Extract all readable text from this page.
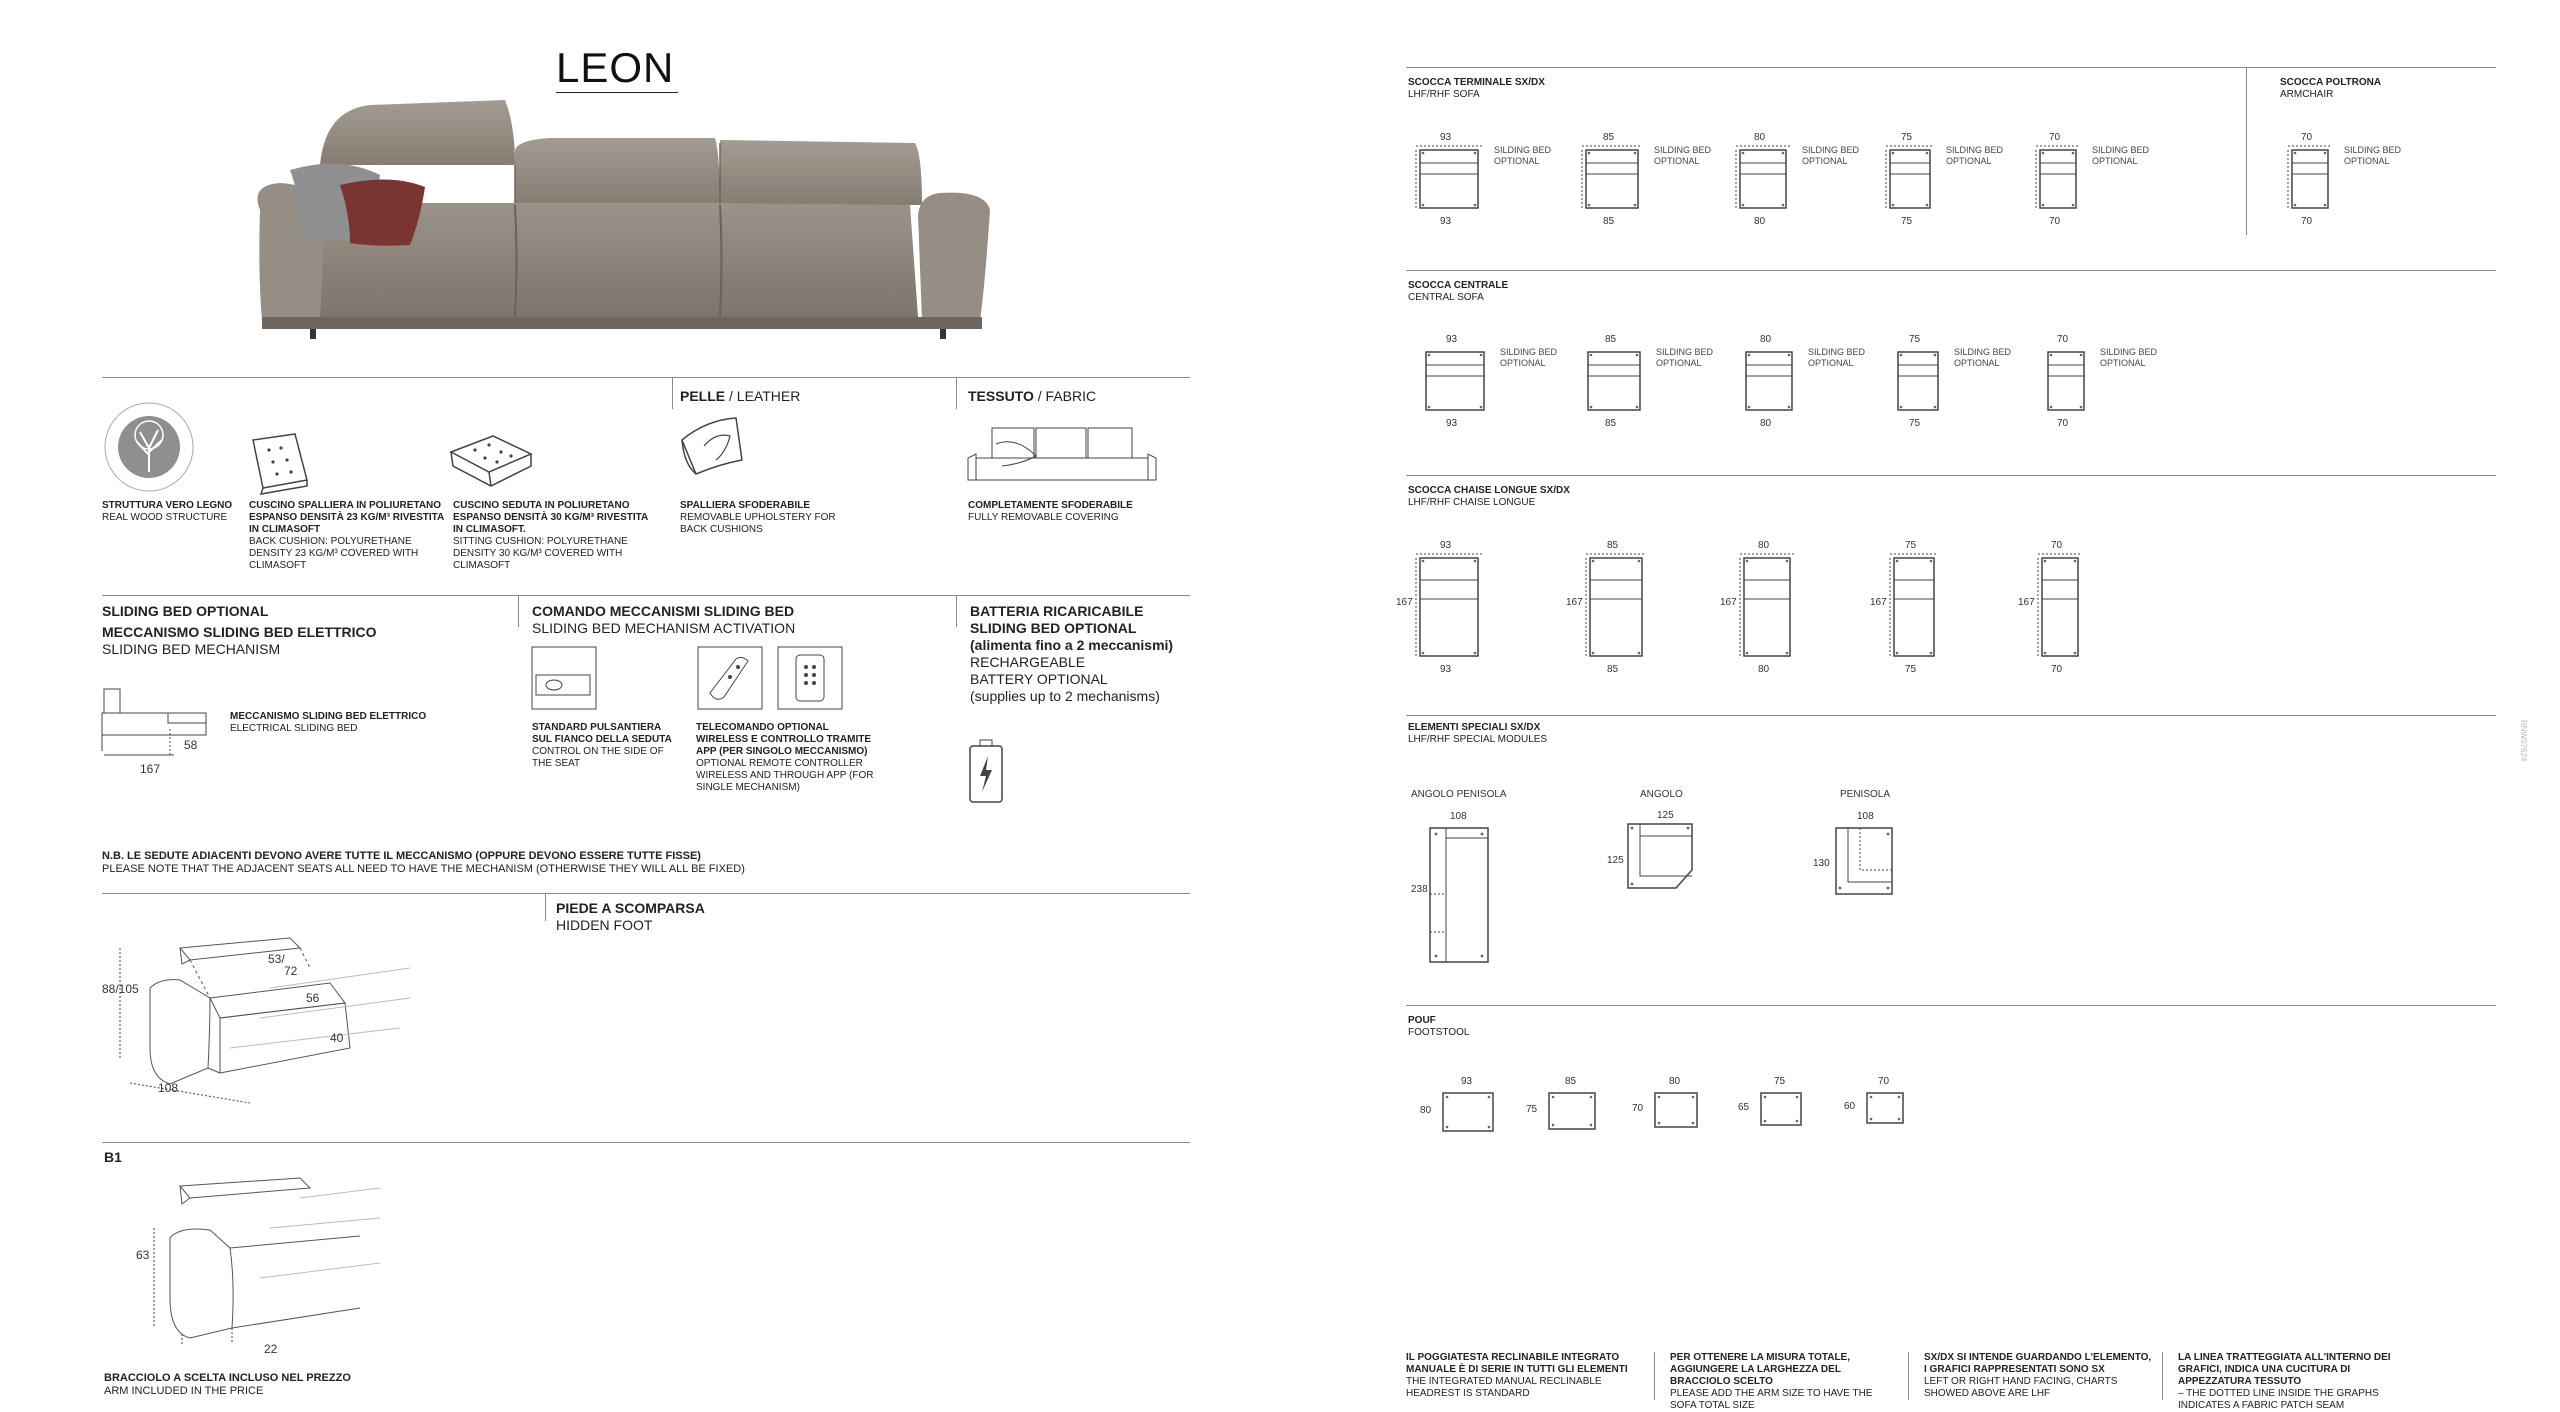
LEON
PELLE / LEATHER	TESSUTO / FABRIC
STRUTTURA VERO LEGNO
REAL WOOD STRUCTURE
CUSCINO SPALLIERA IN POLIURETANO ESPANSO DENSITÀ 23 KG/M³ RIVESTITA IN CLIMASOFT
BACK CUSHION: POLYURETHANE DENSITY 23 KG/M³ COVERED WITH CLIMASOFT
CUSCINO SEDUTA IN POLIURETANO ESPANSO DENSITÀ 30 KG/M³ RIVESTITA IN CLIMASOFT.
SITTING CUSHION: POLYURETHANE DENSITY 30 KG/M³ COVERED WITH CLIMASOFT
SPALLIERA SFODERABILE
REMOVABLE UPHOLSTERY FOR BACK CUSHIONS
COMPLETAMENTE SFODERABILE
FULLY REMOVABLE COVERING
SLIDING BED OPTIONAL
MECCANISMO SLIDING BED ELETTRICO
SLIDING BED MECHANISM
58
167
MECCANISMO SLIDING BED ELETTRICO
ELECTRICAL SLIDING BED
COMANDO MECCANISMI SLIDING BED
SLIDING BED MECHANISM ACTIVATION
STANDARD PULSANTIERA SUL FIANCO DELLA SEDUTA
CONTROL ON THE SIDE OF THE SEAT
TELECOMANDO OPTIONAL WIRELESS E CONTROLLO TRAMITE APP (PER SINGOLO MECCANISMO)
OPTIONAL REMOTE CONTROLLER WIRELESS AND THROUGH APP (FOR SINGLE MECHANISM)
BATTERIA RICARICABILE
SLIDING BED OPTIONAL
(alimenta fino a 2 meccanismi)
RECHARGEABLE
BATTERY OPTIONAL
(supplies up to 2 mechanisms)
N.B. LE SEDUTE ADIACENTI DEVONO AVERE TUTTE IL MECCANISMO (OPPURE DEVONO ESSERE TUTTE FISSE)
PLEASE NOTE THAT THE ADJACENT SEATS ALL NEED TO HAVE THE MECHANISM (OTHERWISE THEY WILL ALL BE FIXED)
PIEDE A SCOMPARSA
HIDDEN FOOT
88/105
108
53/
72
56
40
B1
63
22
BRACCIOLO A SCELTA INCLUSO NEL PREZZO
ARM INCLUDED IN THE PRICE
SCOCCA TERMINALE SX/DX
LHF/RHF SOFA
SCOCCA POLTRONA
ARMCHAIR
93
93
SILDING BED OPTIONAL
85
85
SILDING BED OPTIONAL
80
80
SILDING BED OPTIONAL
75
75
SILDING BED OPTIONAL
70
70
SILDING BED OPTIONAL
70
70
SILDING BED OPTIONAL
SCOCCA CENTRALE
CENTRAL SOFA
93
93
SILDING BED OPTIONAL
85
85
SILDING BED OPTIONAL
80
80
SILDING BED OPTIONAL
75
75
SILDING BED OPTIONAL
70
70
SILDING BED OPTIONAL
SCOCCA CHAISE LONGUE SX/DX
LHF/RHF CHAISE LONGUE
93
93
167
85
85
167
80
80
167
75
75
167
70
70
167
ELEMENTI SPECIALI SX/DX
LHF/RHF SPECIAL MODULES
ANGOLO PENISOLA
108
238
ANGOLO
125
125
PENISOLA
108
130
POUF
FOOTSTOOL
93
80
85
75
80
70
75
65
70
60
IL POGGIATESTA RECLINABILE INTEGRATO MANUALE È DI SERIE IN TUTTI GLI ELEMENTI
THE INTEGRATED MANUAL RECLINABLE HEADREST IS STANDARD
PER OTTENERE LA MISURA TOTALE, AGGIUNGERE LA LARGHEZZA DEL BRACCIOLO SCELTO
PLEASE ADD THE ARM SIZE TO HAVE THE SOFA TOTAL SIZE
SX/DX SI INTENDE GUARDANDO L'ELEMENTO, I GRAFICI RAPPRESENTATI SONO SX
LEFT OR RIGHT HAND FACING, CHARTS SHOWED ABOVE ARE LHF
LA LINEA TRATTEGGIATA ALL'INTERNO DEI GRAFICI, INDICA UNA CUCITURA DI APPEZZATURA TESSUTO
– THE DOTTED LINE INSIDE THE GRAPHS INDICATES A FABRIC PATCH SEAM
RNW07624
